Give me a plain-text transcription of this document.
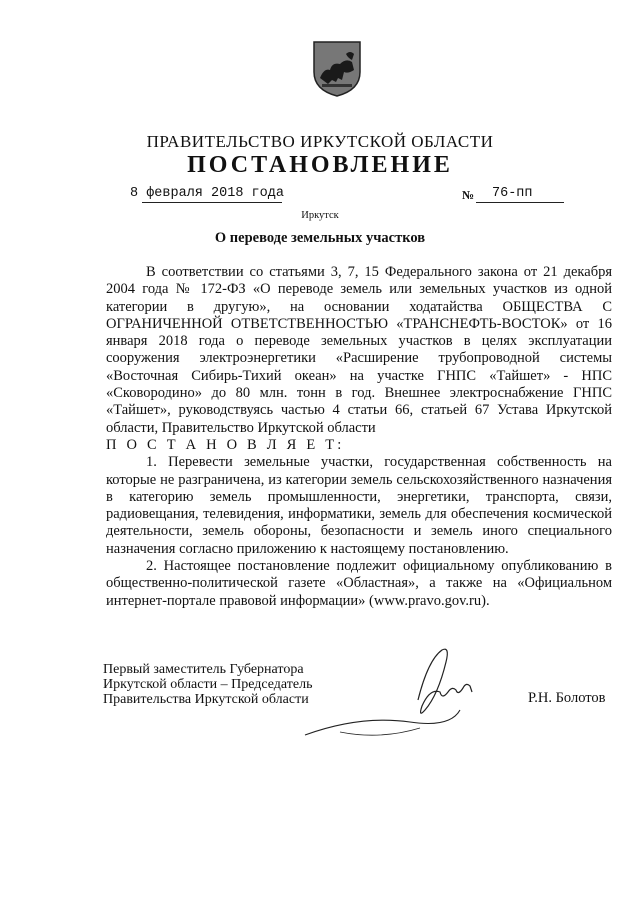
ПРАВИТЕЛЬСТВО ИРКУТСКОЙ ОБЛАСТИ
ПОСТАНОВЛЕНИЕ
8 февраля 2018 года	№ 76-пп
Иркутск
О переводе земельных участков

В соответствии со статьями 3, 7, 15 Федерального закона от 21 декабря 2004 года № 172-ФЗ «О переводе земель или земельных участков из одной категории в другую», на основании ходатайства ОБЩЕСТВА С ОГРАНИЧЕННОЙ ОТВЕТСТВЕННОСТЬЮ «ТРАНСНЕФТЬ-ВОСТОК» от 16 января 2018 года о переводе земельных участков в целях эксплуатации сооружения электроэнергетики «Расширение трубопроводной системы «Восточная Сибирь-Тихий океан» на участке ГНПС «Тайшет» - НПС «Сковородино» до 80 млн. тонн в год. Внешнее электроснабжение ГНПС «Тайшет», руководствуясь частью 4 статьи 66, статьей 67 Устава Иркутской области, Правительство Иркутской области

П О С Т А Н О В Л Я Е Т:

1. Перевести земельные участки, государственная собственность на которые не разграничена, из категории земель сельскохозяйственного назначения в категорию земель промышленности, энергетики, транспорта, связи, радиовещания, телевидения, информатики, земель для обеспечения космической деятельности, земель обороны, безопасности и земель иного специального назначения согласно приложению к настоящему постановлению.

2. Настоящее постановление подлежит официальному опубликованию в общественно-политической газете «Областная», а также на «Официальном интернет-портале правовой информации» (www.pravo.gov.ru).

Первый заместитель Губернатора
Иркутской области – Председатель
Правительства Иркутской области	Р.Н. Болотов
